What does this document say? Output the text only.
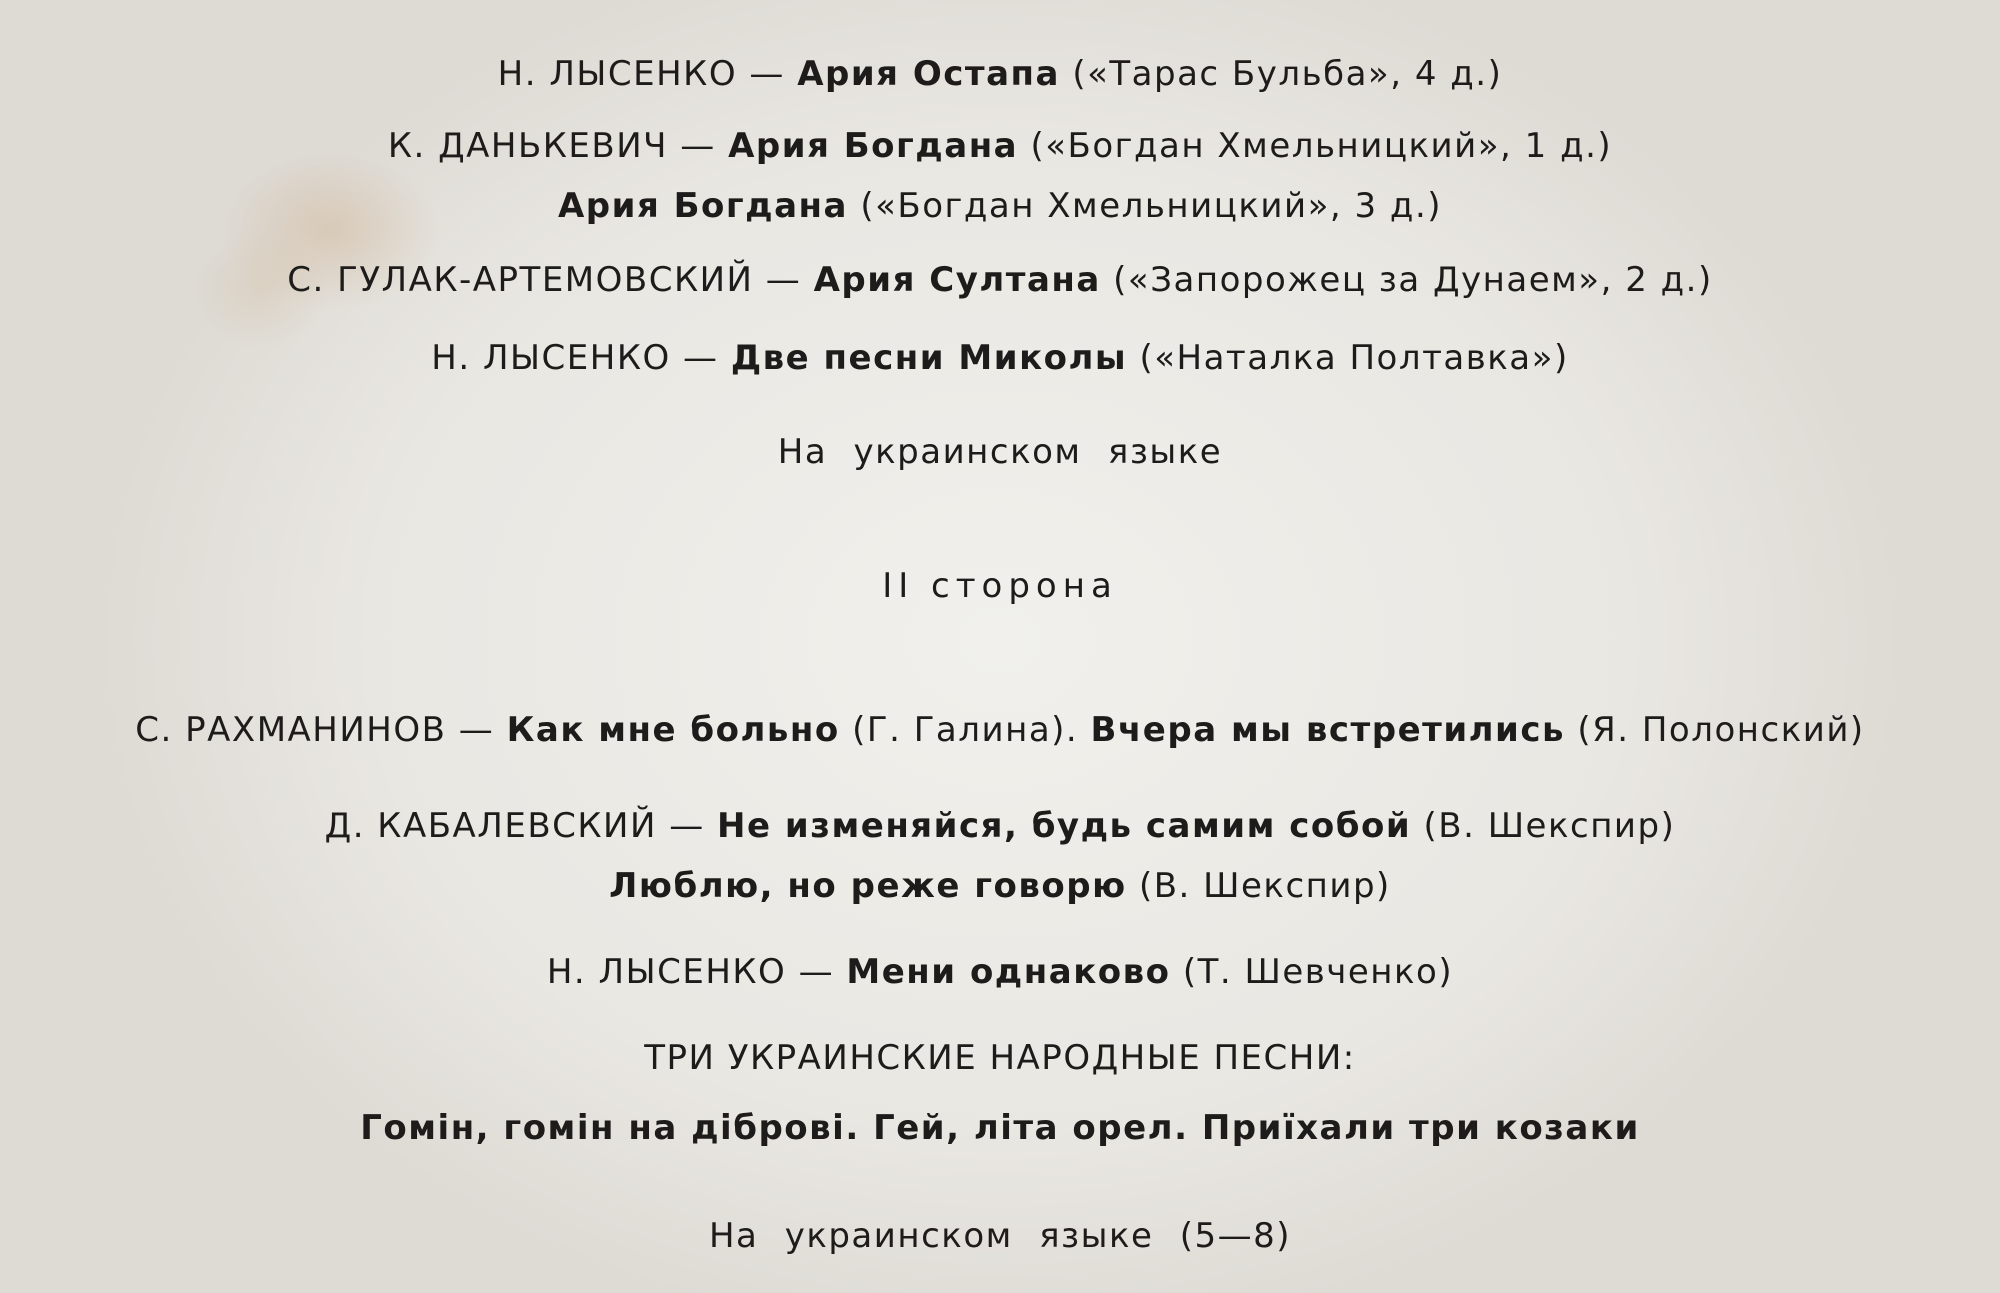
Н. ЛЫСЕНКО — Ария Остапа («Тарас Бульба», 4 д.)
К. ДАНЬКЕВИЧ — Ария Богдана («Богдан Хмельницкий», 1 д.)
Ария Богдана («Богдан Хмельницкий», 3 д.)
С. ГУЛАК-АРТЕМОВСКИЙ — Ария Султана («Запорожец за Дунаем», 2 д.)
Н. ЛЫСЕНКО — Две песни Миколы («Наталка Полтавка»)
На украинском языке
II сторона
С. РАХМАНИНОВ — Как мне больно (Г. Галина). Вчера мы встретились (Я. Полонский)
Д. КАБАЛЕВСКИЙ — Не изменяйся, будь самим собой (В. Шекспир)
Люблю, но реже говорю (В. Шекспир)
Н. ЛЫСЕНКО — Мени однаково (Т. Шевченко)
ТРИ УКРАИНСКИЕ НАРОДНЫЕ ПЕСНИ:
Гомiн, гомiн на дiброві. Гей, лiта орел. Приїхали три козаки
На украинском языке (5—8)
